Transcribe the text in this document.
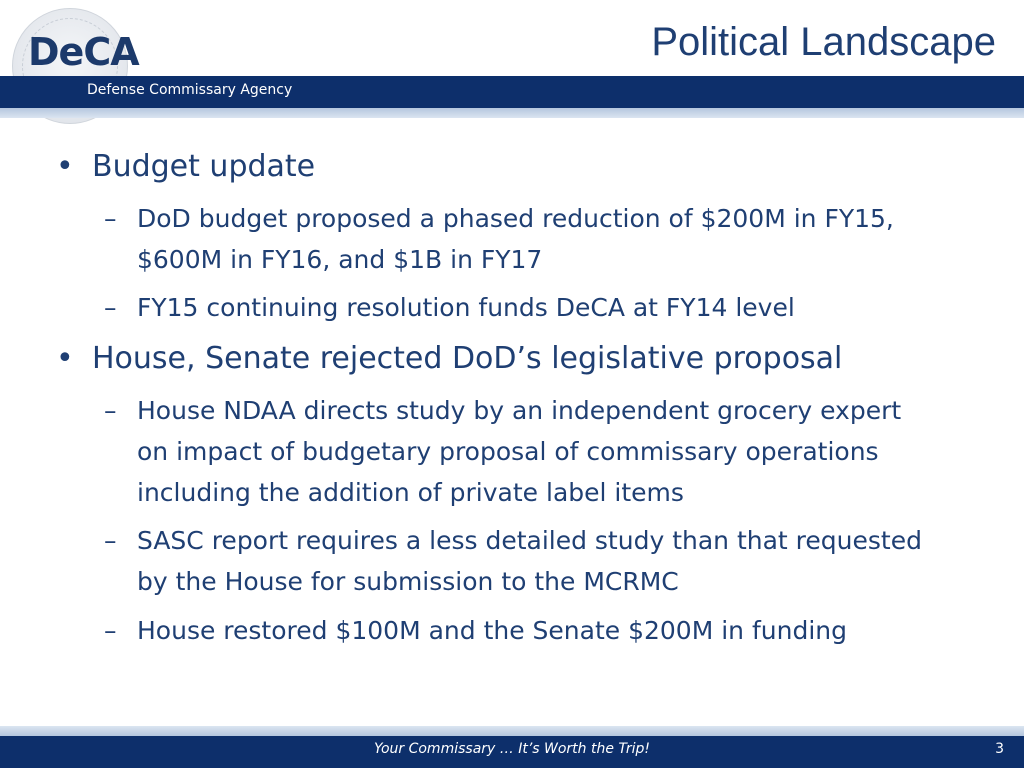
DeCA	Political Landscape
Defense Commissary Agency
• Budget update
– DoD budget proposed a phased reduction of $200M in FY15, $600M in FY16, and $1B in FY17
– FY15 continuing resolution funds DeCA at FY14 level
• House, Senate rejected DoD’s legislative proposal
– House NDAA directs study by an independent grocery expert on impact of budgetary proposal of commissary operations including the addition of private label items
– SASC report requires a less detailed study than that requested by the House for submission to the MCRMC
– House restored $100M and the Senate $200M in funding
Your Commissary … It’s Worth the Trip!	3
